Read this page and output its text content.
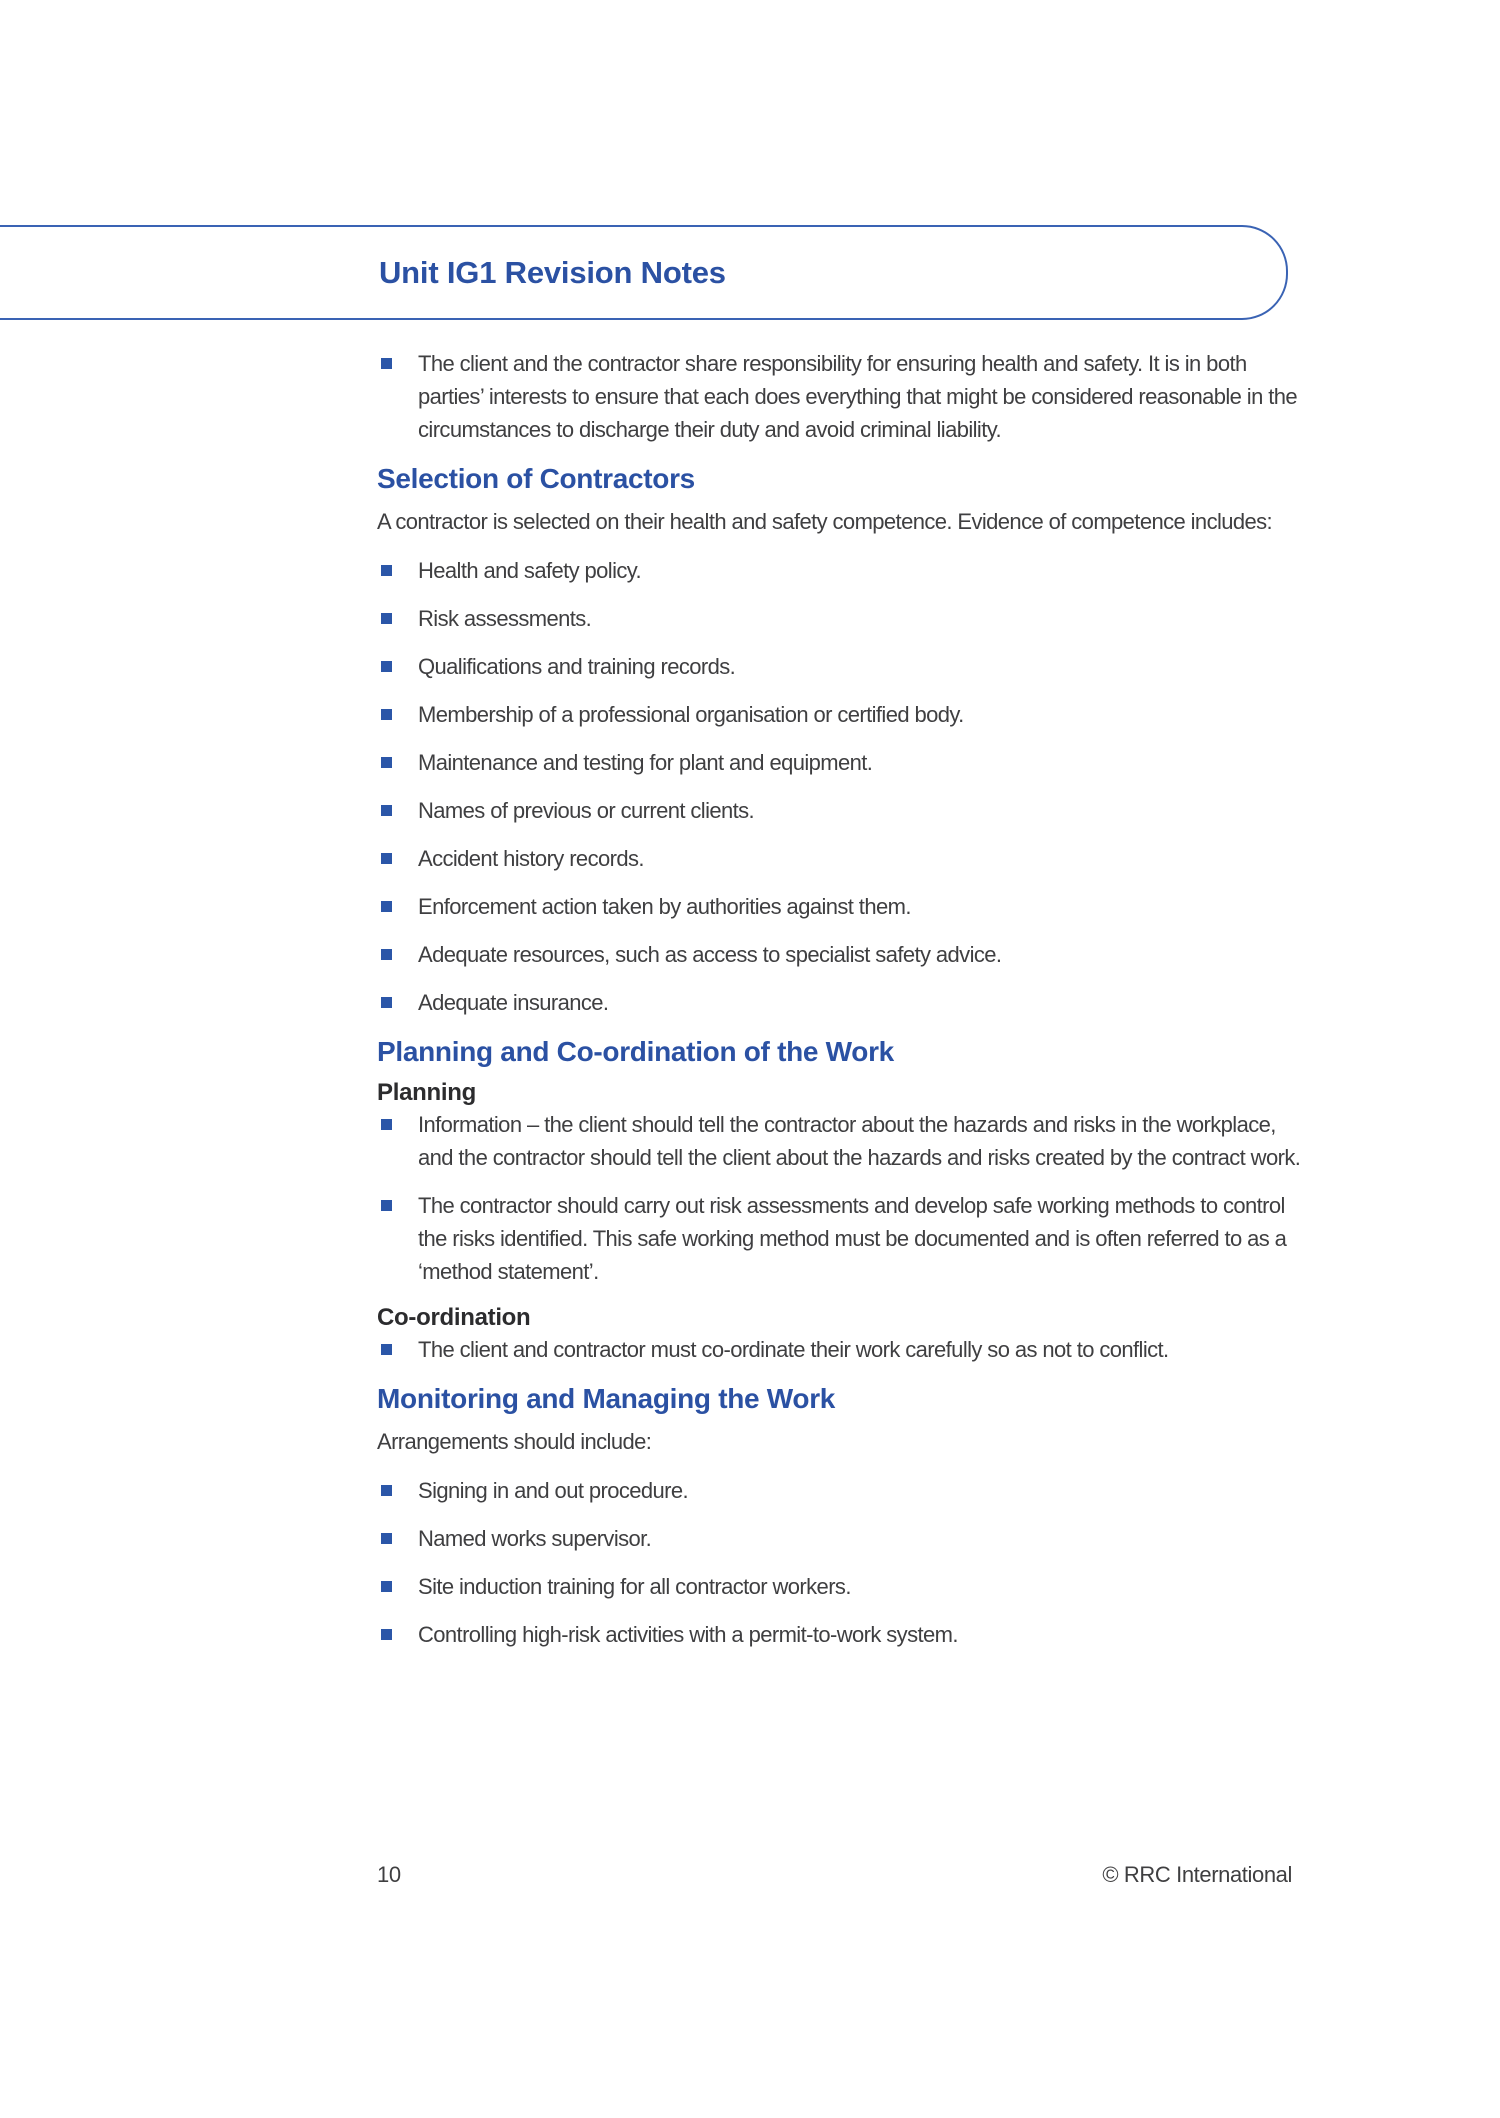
Unit IG1 Revision Notes
The client and the contractor share responsibility for ensuring health and safety. It is in both parties’ interests to ensure that each does everything that might be considered reasonable in the circumstances to discharge their duty and avoid criminal liability.
Selection of Contractors

A contractor is selected on their health and safety competence. Evidence of competence includes:

Health and safety policy.
Risk assessments.
Qualifications and training records.
Membership of a professional organisation or certified body.
Maintenance and testing for plant and equipment.
Names of previous or current clients.
Accident history records.
Enforcement action taken by authorities against them.
Adequate resources, such as access to specialist safety advice.
Adequate insurance.
Planning and Co-ordination of the Work
Planning
Information – the client should tell the contractor about the hazards and risks in the workplace, and the contractor should tell the client about the hazards and risks created by the contract work.
The contractor should carry out risk assessments and develop safe working methods to control the risks identified. This safe working method must be documented and is often referred to as a ‘method statement’.
Co-ordination
The client and contractor must co-ordinate their work carefully so as not to conflict.
Monitoring and Managing the Work

Arrangements should include:

Signing in and out procedure.
Named works supervisor.
Site induction training for all contractor workers.
Controlling high-risk activities with a permit-to-work system.
10	© RRC International
